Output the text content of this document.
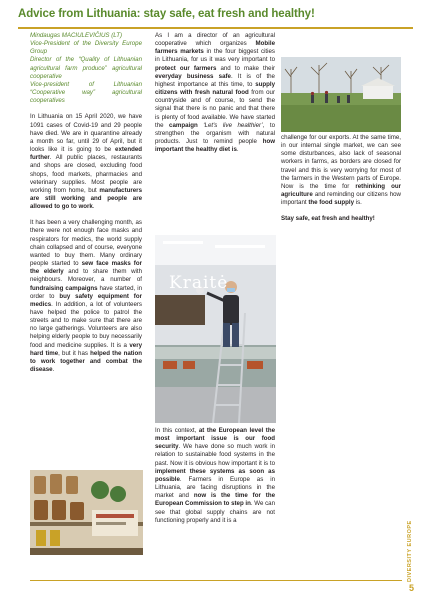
Advice from Lithuania: stay safe, eat fresh and healthy!

Mindaugas MACIULEVIČIUS (LT)

Vice-President of the Diversity Europe Group

Director of the “Quality of Lithuanian agricultural farm produce” agricultural cooperative

Vice-president of Lithuanian “Cooperative way” agricultural cooperatives

In Lithuania on 15 April 2020, we have 1091 cases of Covid-19 and 29 people have died. We are in quarantine already a month so far, until 29 of April, but it looks like it is going to be extended further. All public places, restaurants and shops are closed, excluding food shops, food markets, pharmacies and veterinary supplies. Most people are working from home, but manufacturers are still working and people are allowed to go to work.

It has been a very challenging month, as there were not enough face masks and respirators for medics, the world supply chain collapsed and of course, everyone wanted to buy them. Many ordinary people started to sew face masks for the elderly and to share them with neighbours. Moreover, a number of fundraising campaigns have started, in order to buy safety equipment for medics. In addition, a lot of volunteers have helped the police to patrol the streets and to make sure that there are no large gatherings. Volunteers are also helping elderly people to buy necessarily food and medicine supplies. It is a very hard time, but it has helped the nation to work together and combat the disease.

As I am a director of an agricultural cooperative which organizes Mobile farmers markets in the four biggest cities in Lithuania, for us it was very important to protect our farmers and to make their everyday business safe. It is of the highest importance at this time, to supply citizens with fresh natural food from our countryside and of course, to send the signal that there is no panic and that there is plenty of food available. We have started the campaign ‘Let's live healthier’, to strengthen the organism with natural products. Just to remind people how important the healthy diet is.

In this context, at the European level the most important issue is our food security. We have done so much work in relation to sustainable food systems in the past. Now it is obvious how important it is to implement these systems as soon as possible. Farmers in Europe as in Lithuania, are facing disruptions in the market and now is the time for the European Commission to step in. We can see that global supply chains are not functioning properly and it is a

challenge for our exports. At the same time, in our internal single market, we can see some disturbances, also lack of seasonal workers in farms, as borders are closed for travel and this is very worrying for most of the farmers in the Western parts of Europe. Now is the time for rethinking our agriculture and reminding our citizens how important the food supply is.

Stay safe, eat fresh and healthy!

Kraitė
DIVERSITY EUROPE
5
